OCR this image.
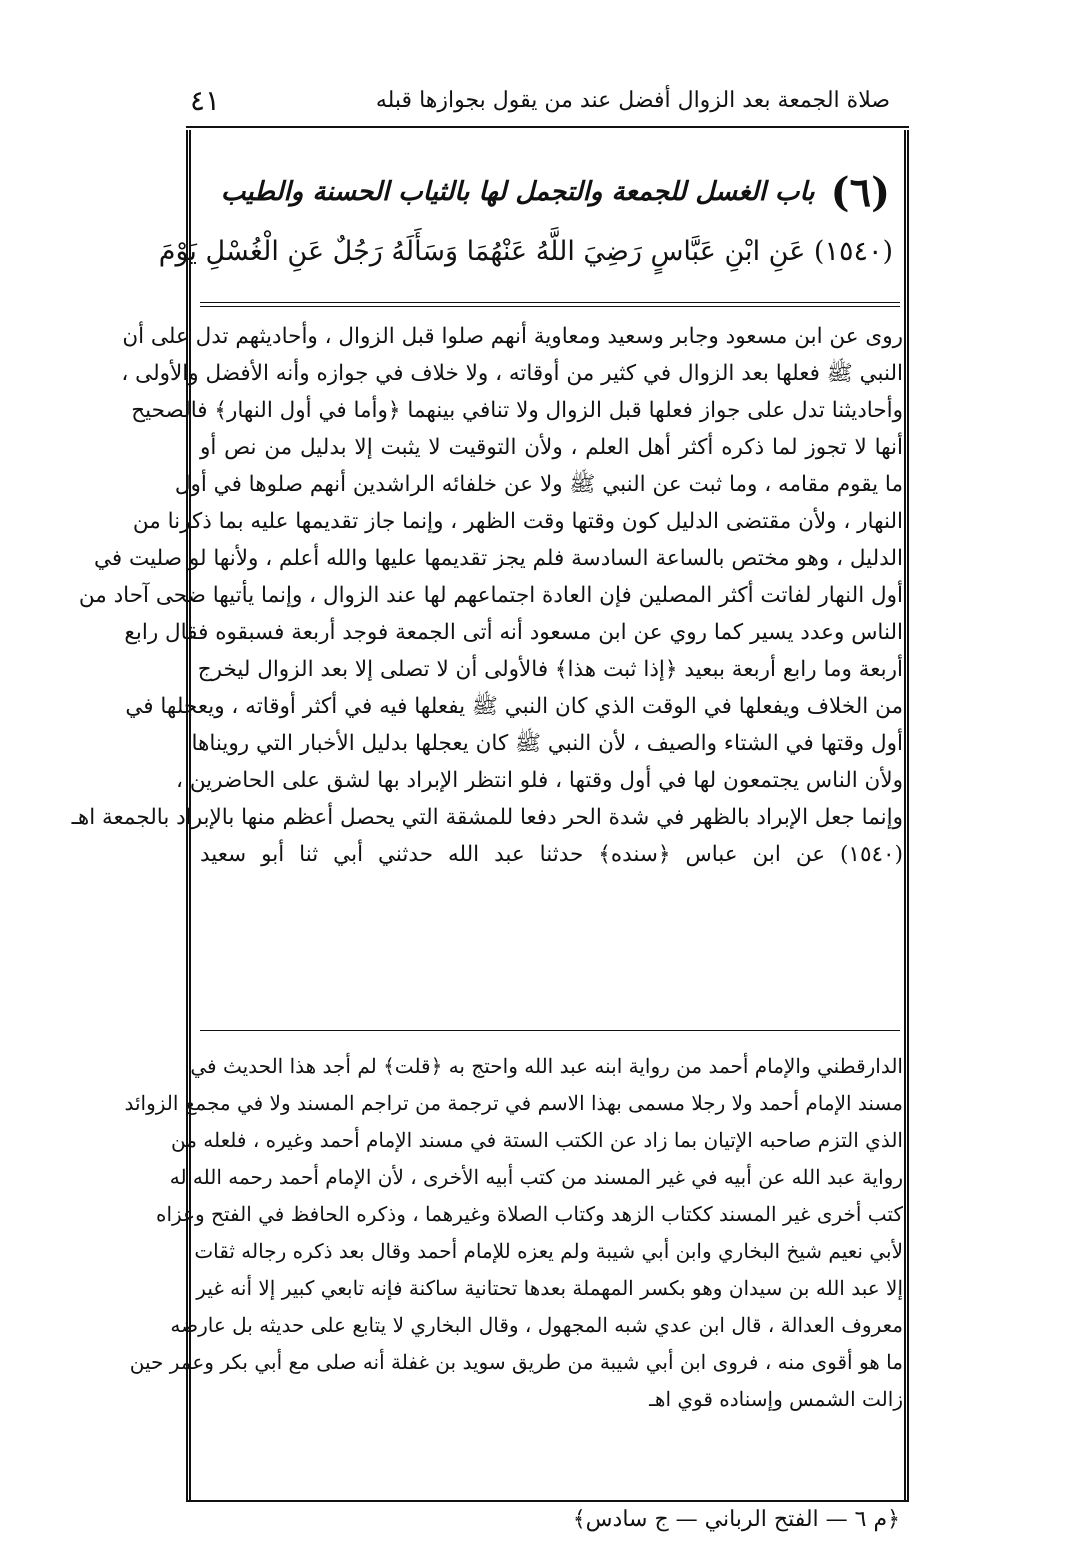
صلاة الجمعة بعد الزوال أفضل عند من يقول بجوازها قبله
٤١
(٦)
باب الغسل للجمعة والتجمل لها بالثياب الحسنة والطيب
(١٥٤٠) عَنِ ابْنِ عَبَّاسٍ رَضِيَ اللَّهُ عَنْهُمَا وَسَأَلَهُ رَجُلٌ عَنِ الْغُسْلِ يَوْمَ
روى عن ابن مسعود وجابر وسعيد ومعاوية أنهم صلوا قبل الزوال ، وأحاديثهم تدل على أن
النبي ﷺ فعلها بعد الزوال في كثير من أوقاته ، ولا خلاف في جوازه وأنه الأفضل والأولى ،
وأحاديثنا تدل على جواز فعلها قبل الزوال ولا تنافي بينهما ﴿وأما في أول النهار﴾ فالصحيح
أنها لا تجوز لما ذكره أكثر أهل العلم ، ولأن التوقيت لا يثبت إلا بدليل من نص أو
ما يقوم مقامه ، وما ثبت عن النبي ﷺ ولا عن خلفائه الراشدين أنهم صلوها في أول
النهار ، ولأن مقتضى الدليل كون وقتها وقت الظهر ، وإنما جاز تقديمها عليه بما ذكرنا من
الدليل ، وهو مختص بالساعة السادسة فلم يجز تقديمها عليها والله أعلم ، ولأنها لو صليت في
أول النهار لفاتت أكثر المصلين فإن العادة اجتماعهم لها عند الزوال ، وإنما يأتيها ضحى آحاد من
الناس وعدد يسير كما روي عن ابن مسعود أنه أتى الجمعة فوجد أربعة فسبقوه فقال رابع
أربعة وما رابع أربعة ببعيد ﴿إذا ثبت هذا﴾ فالأولى أن لا تصلى إلا بعد الزوال ليخرج
من الخلاف ويفعلها في الوقت الذي كان النبي ﷺ يفعلها فيه في أكثر أوقاته ، ويعجلها في
أول وقتها في الشتاء والصيف ، لأن النبي ﷺ كان يعجلها بدليل الأخبار التي رويناها
ولأن الناس يجتمعون لها في أول وقتها ، فلو انتظر الإبراد بها لشق على الحاضرين ،
وإنما جعل الإبراد بالظهر في شدة الحر دفعا للمشقة التي يحصل أعظم منها بالإبراد بالجمعة اهـ
(١٥٤٠) عن ابن عباس ﴿سنده﴾ حدثنا عبد الله حدثني أبي ثنا أبو سعيد
الدارقطني والإمام أحمد من رواية ابنه عبد الله واحتج به ﴿قلت﴾ لم أجد هذا الحديث في
مسند الإمام أحمد ولا رجلا مسمى بهذا الاسم في ترجمة من تراجم المسند ولا في مجمع الزوائد
الذي التزم صاحبه الإتيان بما زاد عن الكتب الستة في مسند الإمام أحمد وغيره ، فلعله من
رواية عبد الله عن أبيه في غير المسند من كتب أبيه الأخرى ، لأن الإمام أحمد رحمه الله له
كتب أخرى غير المسند ككتاب الزهد وكتاب الصلاة وغيرهما ، وذكره الحافظ في الفتح وعزاه
لأبي نعيم شيخ البخاري وابن أبي شيبة ولم يعزه للإمام أحمد وقال بعد ذكره رجاله ثقات
إلا عبد الله بن سيدان وهو بكسر المهملة بعدها تحتانية ساكنة فإنه تابعي كبير إلا أنه غير
معروف العدالة ، قال ابن عدي شبه المجهول ، وقال البخاري لا يتابع على حديثه بل عارضه
ما هو أقوى منه ، فروى ابن أبي شيبة من طريق سويد بن غفلة أنه صلى مع أبي بكر وعمر حين
زالت الشمس وإسناده قوي اهـ
﴿م ٦ — الفتح الرباني — ج سادس﴾
